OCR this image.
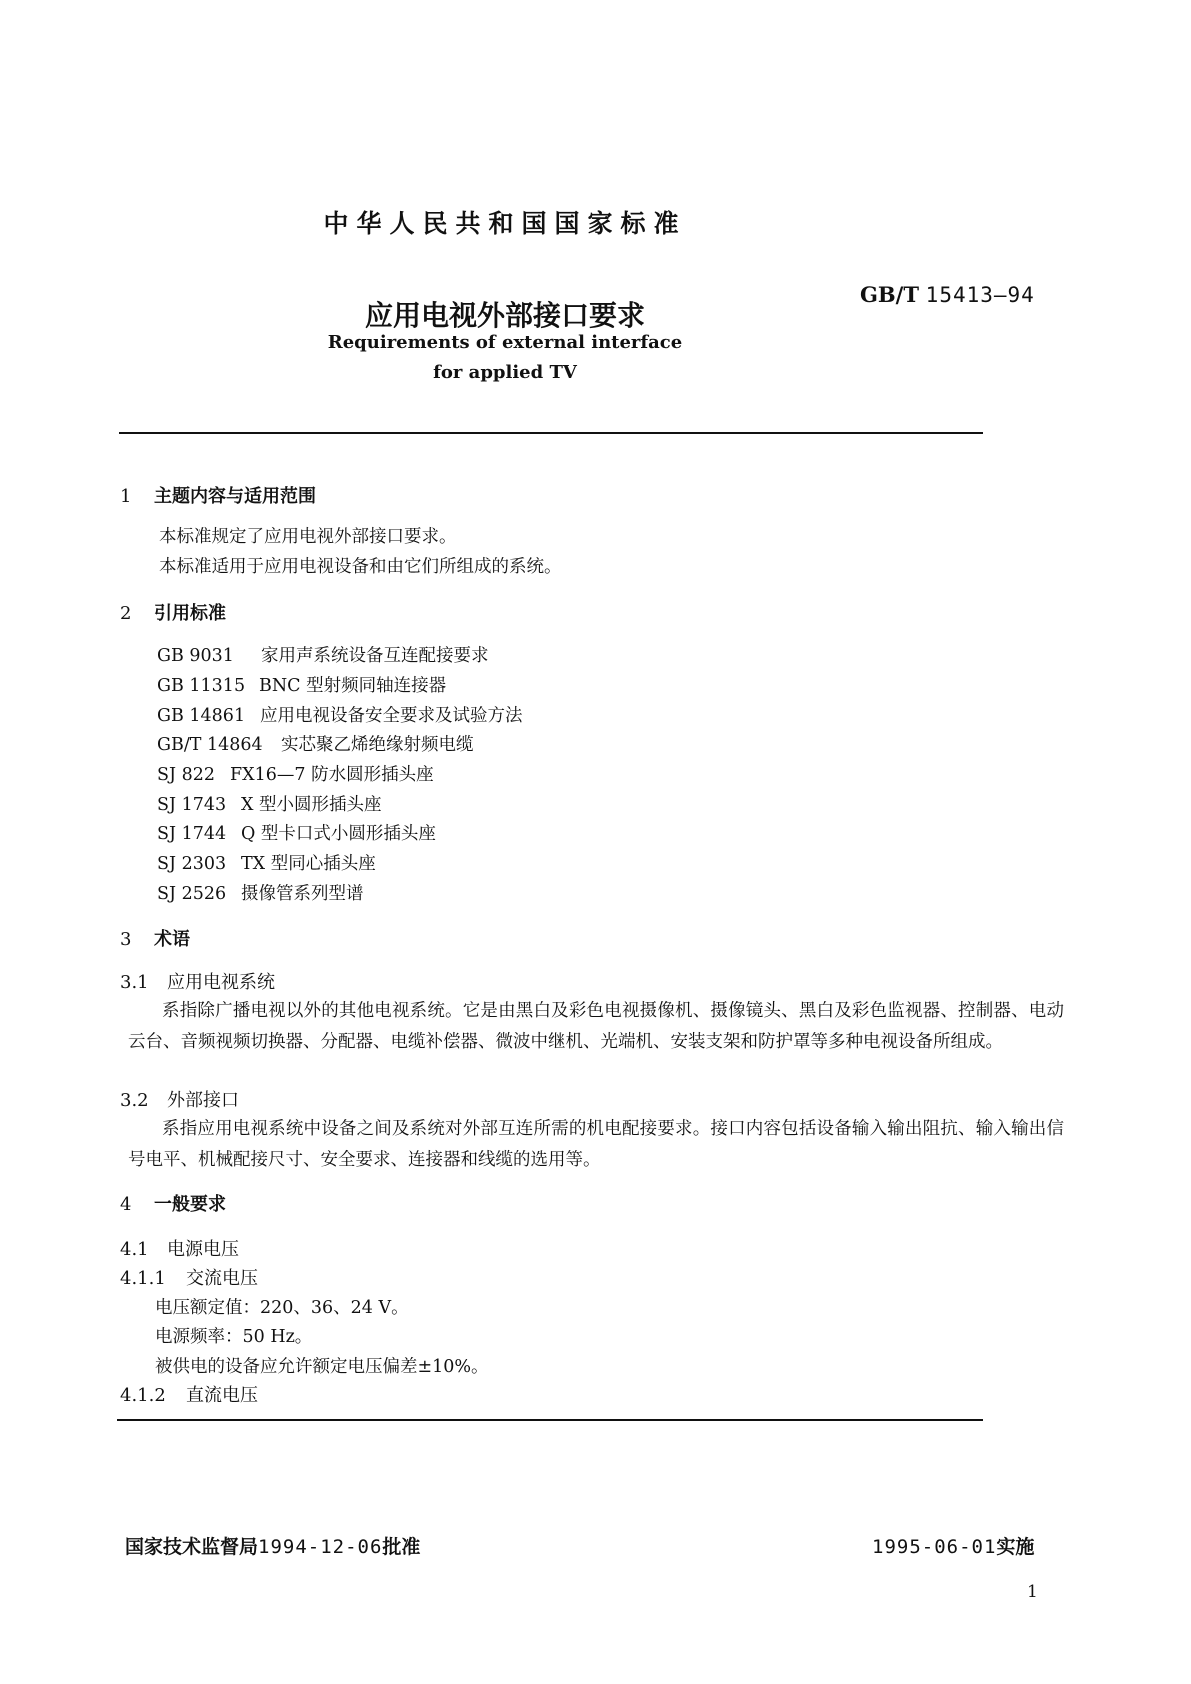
中华人民共和国国家标准
GB/T 15413—94
应用电视外部接口要求
Requirements of external interface
for applied TV
1 主题内容与适用范围
本标准规定了应用电视外部接口要求。
本标准适用于应用电视设备和由它们所组成的系统。
2 引用标准
GB 9031 家用声系统设备互连配接要求
GB 11315 BNC 型射频同轴连接器
GB 14861 应用电视设备安全要求及试验方法
GB/T 14864 实芯聚乙烯绝缘射频电缆
SJ 822 FX16—7 防水圆形插头座
SJ 1743 X 型小圆形插头座
SJ 1744 Q 型卡口式小圆形插头座
SJ 2303 TX 型同心插头座
SJ 2526 摄像管系列型谱
3 术语
3.1 应用电视系统
系指除广播电视以外的其他电视系统。它是由黑白及彩色电视摄像机、摄像镜头、黑白及彩色监视器、控制器、电动云台、音频视频切换器、分配器、电缆补偿器、微波中继机、光端机、安装支架和防护罩等多种电视设备所组成。
3.2 外部接口
系指应用电视系统中设备之间及系统对外部互连所需的机电配接要求。接口内容包括设备输入输出阻抗、输入输出信号电平、机械配接尺寸、安全要求、连接器和线缆的选用等。
4 一般要求
4.1 电源电压
4.1.1 交流电压
电压额定值：220、36、24 V。
电源频率：50 Hz。
被供电的设备应允许额定电压偏差±10%。
4.1.2 直流电压
国家技术监督局1994-12-06批准	1995-06-01实施
1
